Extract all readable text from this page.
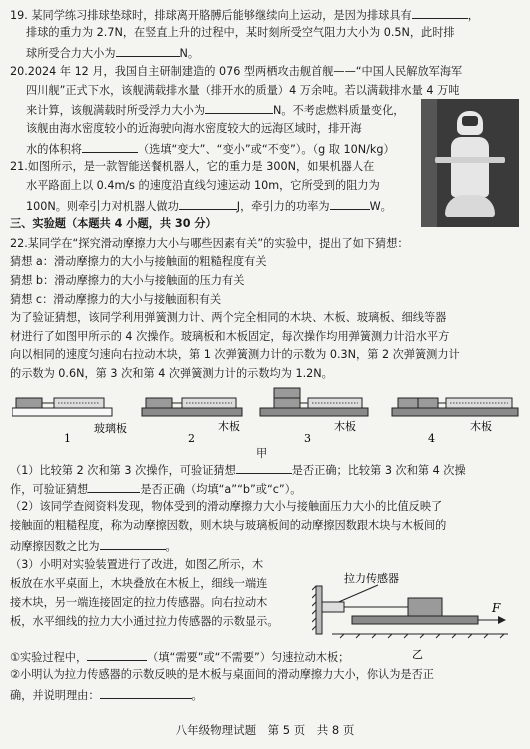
19. 某同学练习排球垫球时，排球离开胳膊后能够继续向上运动，是因为排球具有	，
排球的重力为 2.7N，在竖直上升的过程中，某时刻所受空气阻力大小为 0.5N，此时排
球所受合力大小为	N。
20.2024 年 12 月，我国自主研制建造的 076 型两栖攻击舰首舰——“中国人民解放军海军
四川舰”正式下水，该舰满载排水量（排开水的质量）4 万余吨。若以满载排水量 4 万吨
来计算，该舰满载时所受浮力大小为	N。不考虑燃料质量变化，
该舰由海水密度较小的近海驶向海水密度较大的远海区域时，排开海
水的体积将	（选填“变大”、“变小”或“不变”）。（g 取 10N/kg）
21.如图所示，是一款智能送餐机器人，它的重力是 300N，如果机器人在
水平路面上以 0.4m/s 的速度沿直线匀速运动 10m，它所受到的阻力为
100N。则牵引力对机器人做功	J，牵引力的功率为	W。
三、实验题（本题共 4 小题，共 30 分）
22.某同学在“探究滑动摩擦力大小与哪些因素有关”的实验中，提出了如下猜想：
猜想 a：滑动摩擦力的大小与接触面的粗糙程度有关
猜想 b：滑动摩擦力的大小与接触面的压力有关
猜想 c：滑动摩擦力的大小与接触面积有关
为了验证猜想，该同学利用弹簧测力计、两个完全相同的木块、木板、玻璃板、细线等器
材进行了如图甲所示的 4 次操作。玻璃板和木板固定，每次操作均用弹簧测力计沿水平方
向以相同的速度匀速向右拉动木块，第 1 次弹簧测力计的示数为 0.3N，第 2 次弹簧测力计
的示数为 0.6N，第 3 次和第 4 次弹簧测力计的示数均为 1.2N。
玻璃板
1
木板
2
木板
3
木板
4
甲
（1）比较第 2 次和第 3 次操作，可验证猜想	是否正确；比较第 3 次和第 4 次操
作，可验证猜想	是否正确（均填“a”“b”或“c”）。
（2）该同学查阅资料发现，物体受到的滑动摩擦力大小与接触面压力大小的比值反映了
接触面的粗糙程度，称为动摩擦因数，则木块与玻璃板间的动摩擦因数跟木块与木板间的
动摩擦因数之比为	。
（3）小明对实验装置进行了改进，如图乙所示，木
板放在水平桌面上，木块叠放在木板上，细线一端连
接木块，另一端连接固定的拉力传感器。向右拉动木
板，水平细线的拉力大小通过拉力传感器的示数显示。
拉力传感器
F
乙
①实验过程中，	（填“需要”或“不需要”）匀速拉动木板；
②小明认为拉力传感器的示数反映的是木板与桌面间的滑动摩擦力大小，你认为是否正
确，并说明理由：	。
八年级物理试题　第 5 页　共 8 页
